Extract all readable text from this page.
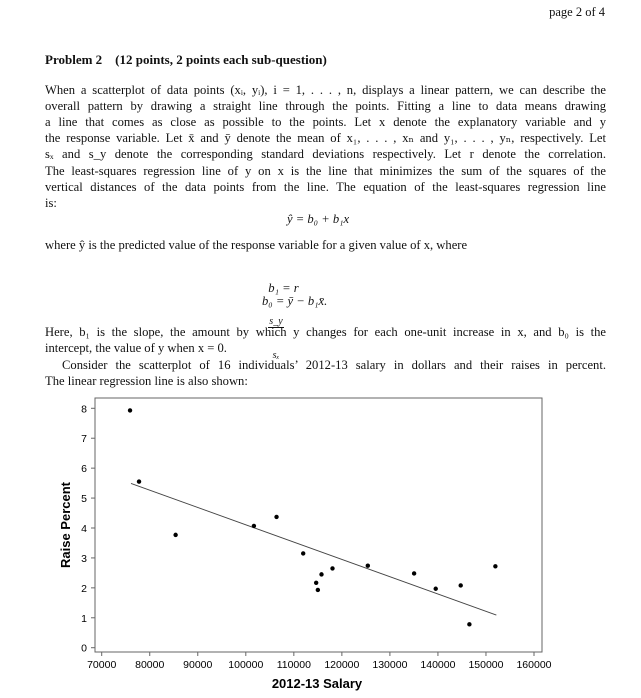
page 2 of 4
Problem 2    (12 points, 2 points each sub-question)
When a scatterplot of data points (xᵢ, yᵢ), i = 1, . . . , n, displays a linear pattern, we can describe the
overall pattern by drawing a straight line through the points. Fitting a line to data means drawing
a line that comes as close as possible to the points. Let x denote the explanatory variable and y
the response variable. Let x̄ and ȳ denote the mean of x₁, . . . , xₙ and y₁, . . . , yₙ, respectively. Let
sₓ and s_y denote the corresponding standard deviations respectively. Let r denote the correlation.
The least-squares regression line of y on x is the line that minimizes the sum of the squares of the
vertical distances of the data points from the line. The equation of the least-squares regression line
is:
ŷ = b₀ + b₁x
where ŷ is the predicted value of the response variable for a given value of x, where

b₁ = r

$\frac{s\_y}{\text{sₓ}}$

b₀ = ȳ − b₁x̄.
Here, b₁ is the slope, the amount by which y changes for each one-unit increase in x, and b₀ is the
intercept, the value of y when x = 0.
Consider the scatterplot of 16 individuals’ 2012-13 salary in dollars and their raises in percent.
The linear regression line is also shown:
70000 80000 90000 100000 110000 120000 130000 140000 150000 160000
0
1
2
3
4
5
6
7
8
2012-13 Salary
Raise Percent
